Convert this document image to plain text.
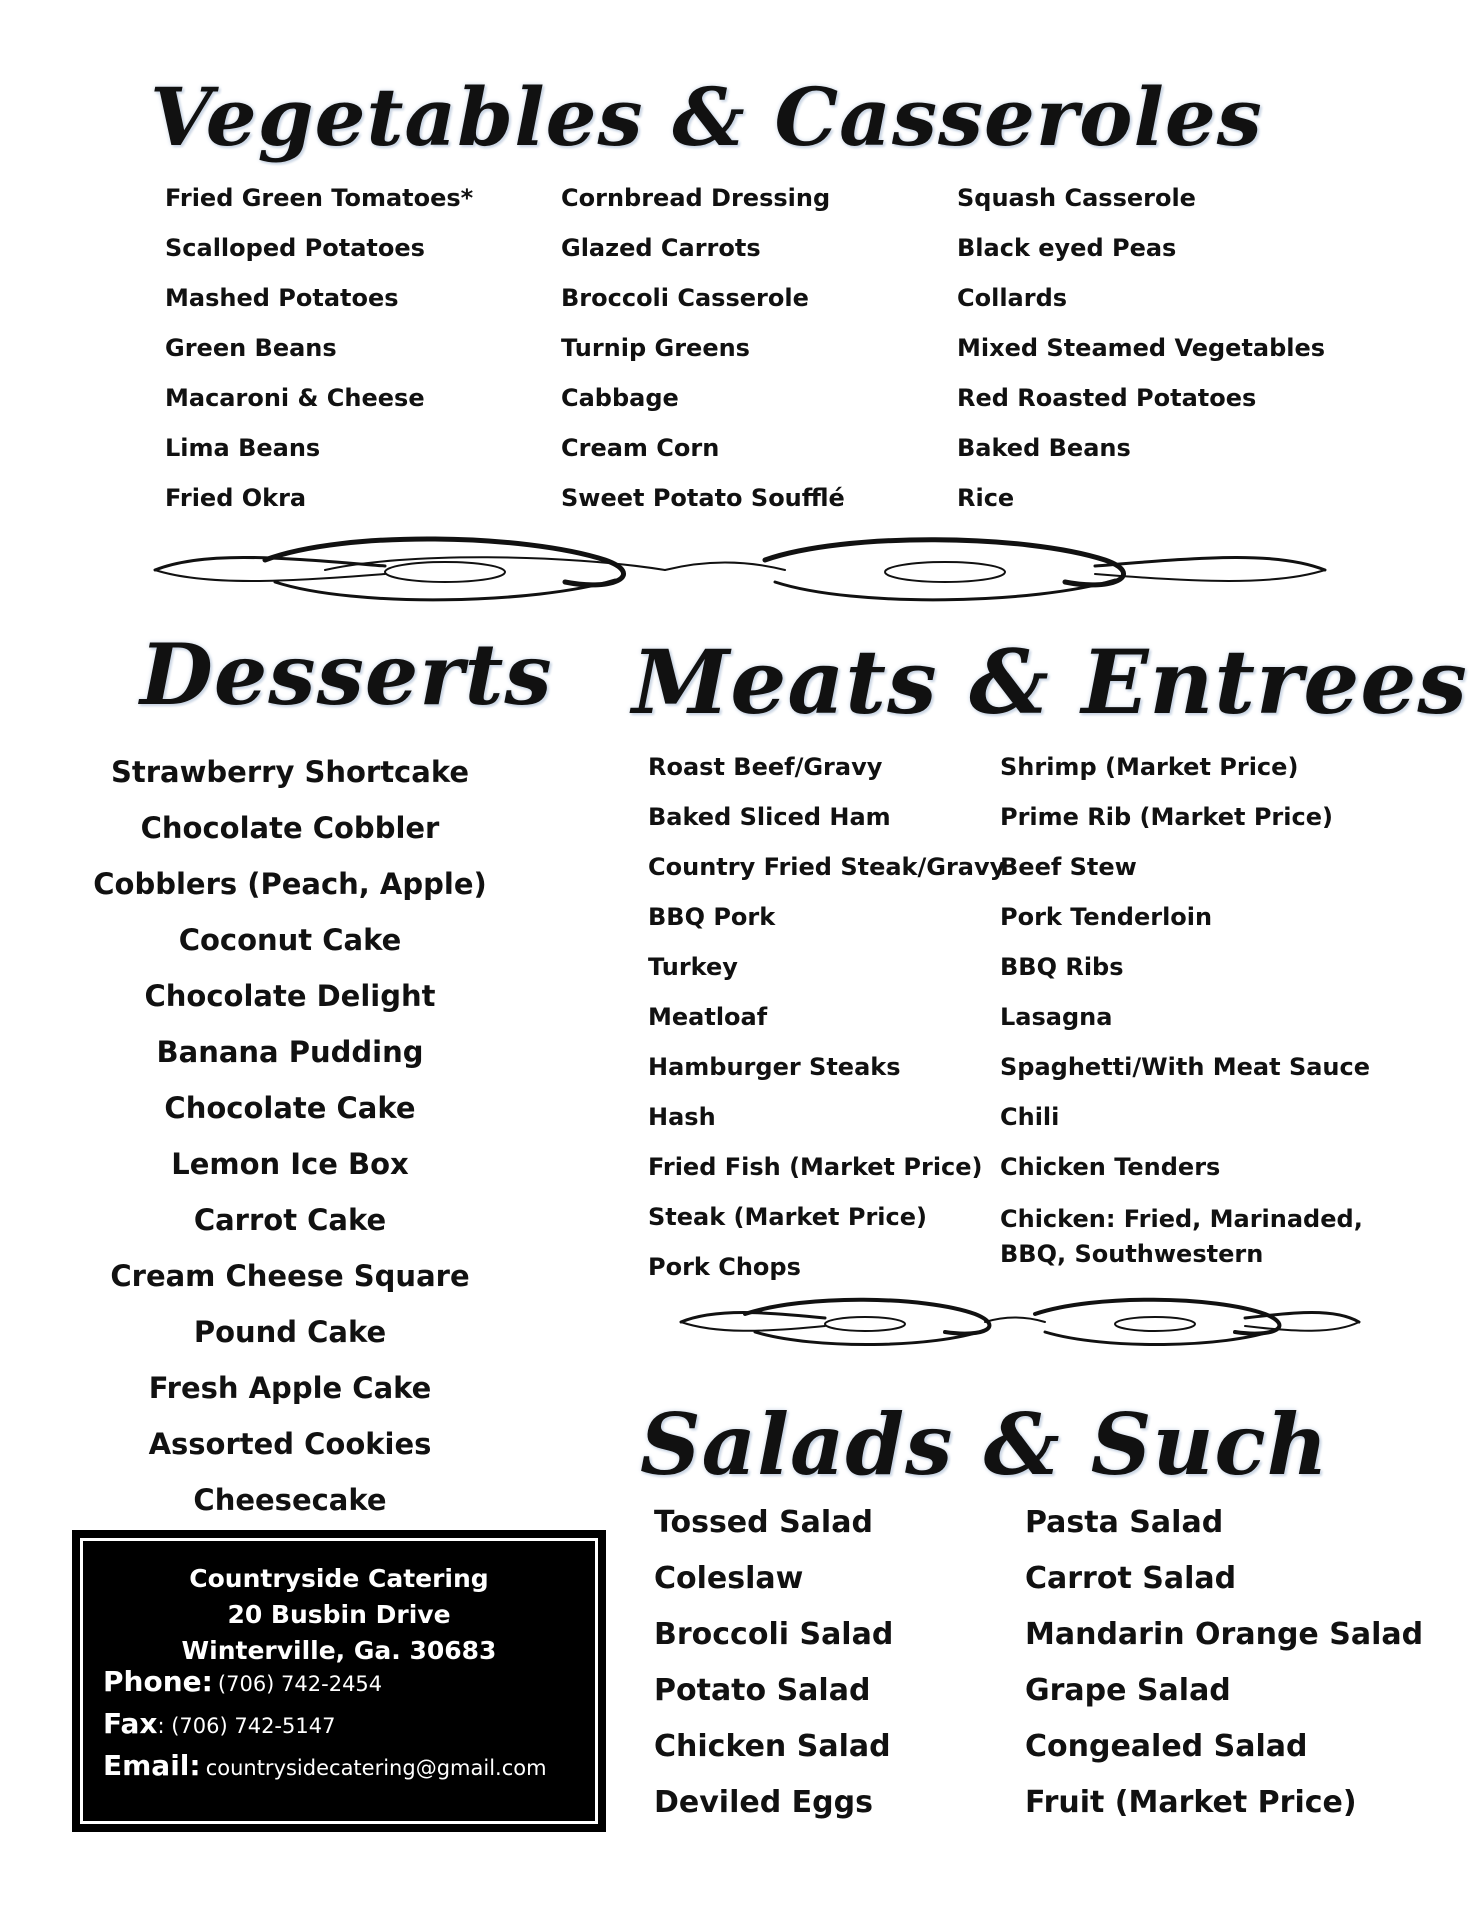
Vegetables & Casseroles
Fried Green Tomatoes*
Scalloped Potatoes
Mashed Potatoes
Green Beans
Macaroni & Cheese
Lima Beans
Fried Okra
Cornbread Dressing
Glazed Carrots
Broccoli Casserole
Turnip Greens
Cabbage
Cream Corn
Sweet Potato Soufflé
Squash Casserole
Black eyed Peas
Collards
Mixed Steamed Vegetables
Red Roasted Potatoes
Baked Beans
Rice
Desserts
Strawberry Shortcake
Chocolate Cobbler
Cobblers (Peach, Apple)
Coconut Cake
Chocolate Delight
Banana Pudding
Chocolate Cake
Lemon Ice Box
Carrot Cake
Cream Cheese Square
Pound Cake
Fresh Apple Cake
Assorted Cookies
Cheesecake
Meats & Entrees
Roast Beef/Gravy
Baked Sliced Ham
Country Fried Steak/Gravy
BBQ Pork
Turkey
Meatloaf
Hamburger Steaks
Hash
Fried Fish (Market Price)
Steak (Market Price)
Pork Chops
Shrimp (Market Price)
Prime Rib (Market Price)
Beef Stew
Pork Tenderloin
BBQ Ribs
Lasagna
Spaghetti/With Meat Sauce
Chili
Chicken Tenders
Chicken: Fried, Marinaded,
BBQ, Southwestern
Salads & Such
Tossed Salad
Coleslaw
Broccoli Salad
Potato Salad
Chicken Salad
Deviled Eggs
Pasta Salad
Carrot Salad
Mandarin Orange Salad
Grape Salad
Congealed Salad
Fruit (Market Price)
Countryside Catering
20 Busbin Drive
Winterville, Ga. 30683
Phone: (706) 742-2454
Fax: (706) 742-5147
Email: countrysidecatering@gmail.com
